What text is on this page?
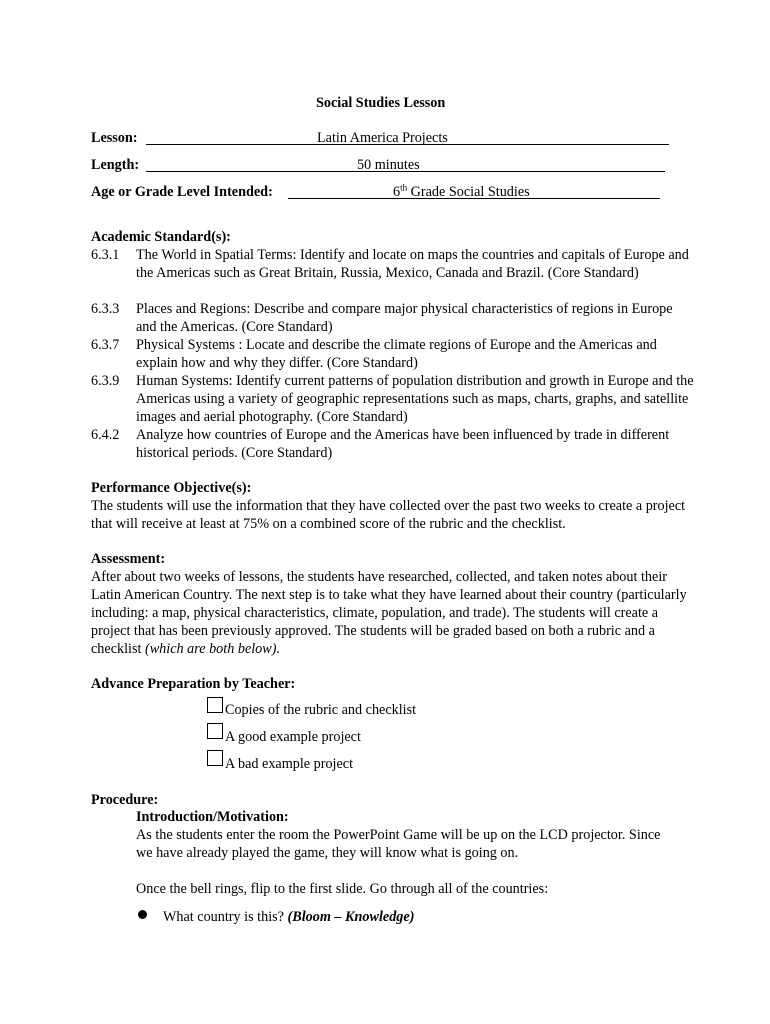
Social Studies Lesson
Lesson:	Latin America Projects
Length:	50 minutes
Age or Grade Level Intended:	6th Grade Social Studies
Academic Standard(s):
6.3.1 The World in Spatial Terms: Identify and locate on maps the countries and capitals of Europe and the Americas such as Great Britain, Russia, Mexico, Canada and Brazil. (Core Standard)
6.3.3 Places and Regions: Describe and compare major physical characteristics of regions in Europe and the Americas. (Core Standard)
6.3.7 Physical Systems : Locate and describe the climate regions of Europe and the Americas and explain how and why they differ. (Core Standard)
6.3.9 Human Systems: Identify current patterns of population distribution and growth in Europe and the Americas using a variety of geographic representations such as maps, charts, graphs, and satellite images and aerial photography. (Core Standard)
6.4.2 Analyze how countries of Europe and the Americas have been influenced by trade in different historical periods. (Core Standard)
Performance Objective(s):
The students will use the information that they have collected over the past two weeks to create a project that will receive at least at 75% on a combined score of the rubric and the checklist.
Assessment:
After about two weeks of lessons, the students have researched, collected, and taken notes about their Latin American Country. The next step is to take what they have learned about their country (particularly including: a map, physical characteristics, climate, population, and trade). The students will create a project that has been previously approved. The students will be graded based on both a rubric and a checklist (which are both below).
Advance Preparation by Teacher:
Copies of the rubric and checklist
A good example project
A bad example project
Procedure:
Introduction/Motivation:
As the students enter the room the PowerPoint Game will be up on the LCD projector. Since we have already played the game, they will know what is going on.
Once the bell rings, flip to the first slide. Go through all of the countries:
What country is this? (Bloom – Knowledge)
